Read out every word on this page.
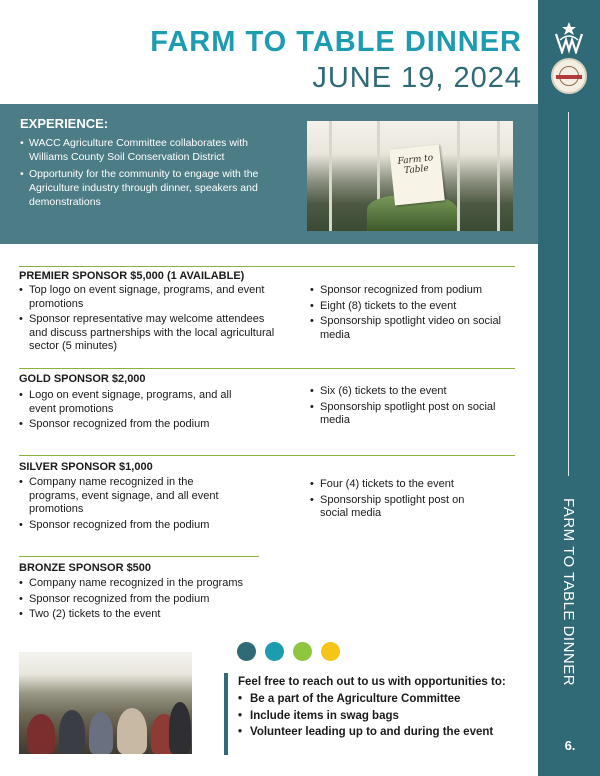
FARM TO TABLE DINNER
6.
FARM TO TABLE DINNER
JUNE 19, 2024
EXPERIENCE:
• WACC Agriculture Committee collaborates with Williams County Soil Conservation District
• Opportunity for the community to engage with the Agriculture industry through dinner, speakers and demonstrations
Farm to Table
PREMIER SPONSOR $5,000 (1 AVAILABLE)
• Top logo on event signage, programs, and event promotions
• Sponsor representative may welcome attendees and discuss partnerships with the local agricultural sector (5 minutes)
• Sponsor recognized from podium
• Eight (8) tickets to the event
• Sponsorship spotlight video on social media
GOLD SPONSOR $2,000
• Logo on event signage, programs, and all event promotions
• Sponsor recognized from the podium
• Six (6) tickets to the event
• Sponsorship spotlight post on social media
SILVER SPONSOR $1,000
• Company name recognized in the programs, event signage, and all event promotions
• Sponsor recognized from the podium
• Four (4) tickets to the event
• Sponsorship spotlight post on social media
BRONZE SPONSOR $500
• Company name recognized in the programs
• Sponsor recognized from the podium
• Two (2) tickets to the event
Feel free to reach out to us with opportunities to:
• Be a part of the Agriculture Committee
• Include items in swag bags
• Volunteer leading up to and during the event
